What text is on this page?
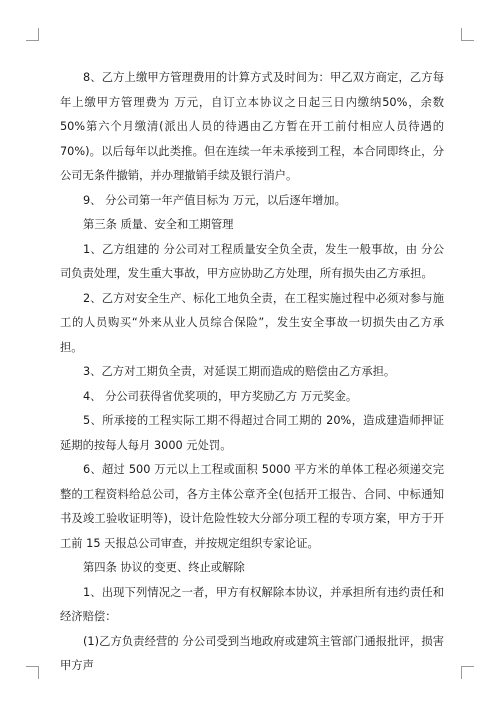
8、乙方上缴甲方管理费用的计算方式及时间为：甲乙双方商定，乙方每年上缴甲方管理费为 万元，自订立本协议之日起三日内缴纳50%，余数 50%第六个月缴清(派出人员的待遇由乙方暂在开工前付相应人员待遇的 70%)。以后每年以此类推。但在连续一年未承接到工程，本合同即终止，分公司无条件撤销，并办理撤销手续及银行消户。

9、 分公司第一年产值目标为 万元，以后逐年增加。

第三条 质量、安全和工期管理

1、乙方组建的 分公司对工程质量安全负全责，发生一般事故，由 分公司负责处理，发生重大事故，甲方应协助乙方处理，所有损失由乙方承担。

2、乙方对安全生产、标化工地负全责，在工程实施过程中必须对参与施工的人员购买“外来从业人员综合保险”，发生安全事故一切损失由乙方承担。

3、乙方对工期负全责，对延误工期而造成的赔偿由乙方承担。

4、 分公司获得省优奖项的，甲方奖励乙方 万元奖金。

5、所承接的工程实际工期不得超过合同工期的 20%，造成建造师押证延期的按每人每月 3000 元处罚。

6、超过 500 万元以上工程或面积 5000 平方米的单体工程必须递交完整的工程资料给总公司，各方主体公章齐全(包括开工报告、合同、中标通知书及竣工验收证明等)，设计危险性较大分部分项工程的专项方案，甲方于开工前 15 天报总公司审查，并按规定组织专家论证。

第四条 协议的变更、终止或解除

1、出现下列情况之一者，甲方有权解除本协议，并承担所有违约责任和经济赔偿：

(1)乙方负责经营的 分公司受到当地政府或建筑主管部门通报批评，损害甲方声
